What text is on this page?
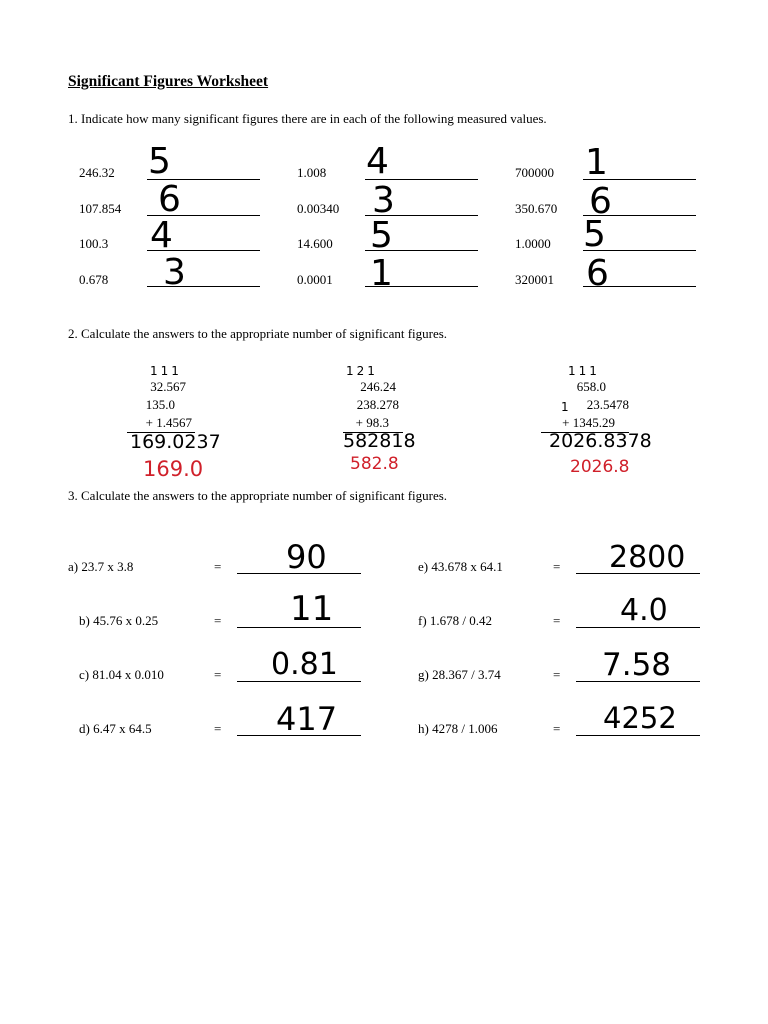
Significant Figures Worksheet
1. Indicate how many significant figures there are in each of the following measured values.
246.32 5
107.854 6
100.3 4
0.678 3
1.008 4
0.00340 3
14.600 5
0.0001 1
700000 1
350.670 6
1.0000 5
320001 6
2. Calculate the answers to the appropriate number of significant figures.
111
32.567
135.0
+ 1.4567
169.0237
169.0
121
246.24
238.278
+ 98.3
582818
582.8
111
1
658.0
23.5478
+ 1345.29
2026.8378
2026.8
3. Calculate the answers to the appropriate number of significant figures.
a) 23.7 x 3.8	= 90
b) 45.76 x 0.25	= 11
c) 81.04 x 0.010	= 0.81
d) 6.47 x 64.5	= 417
e) 43.678 x 64.1	= 2800
f) 1.678 / 0.42	= 4.0
g) 28.367 / 3.74	= 7.58
h) 4278 / 1.006	= 4252
